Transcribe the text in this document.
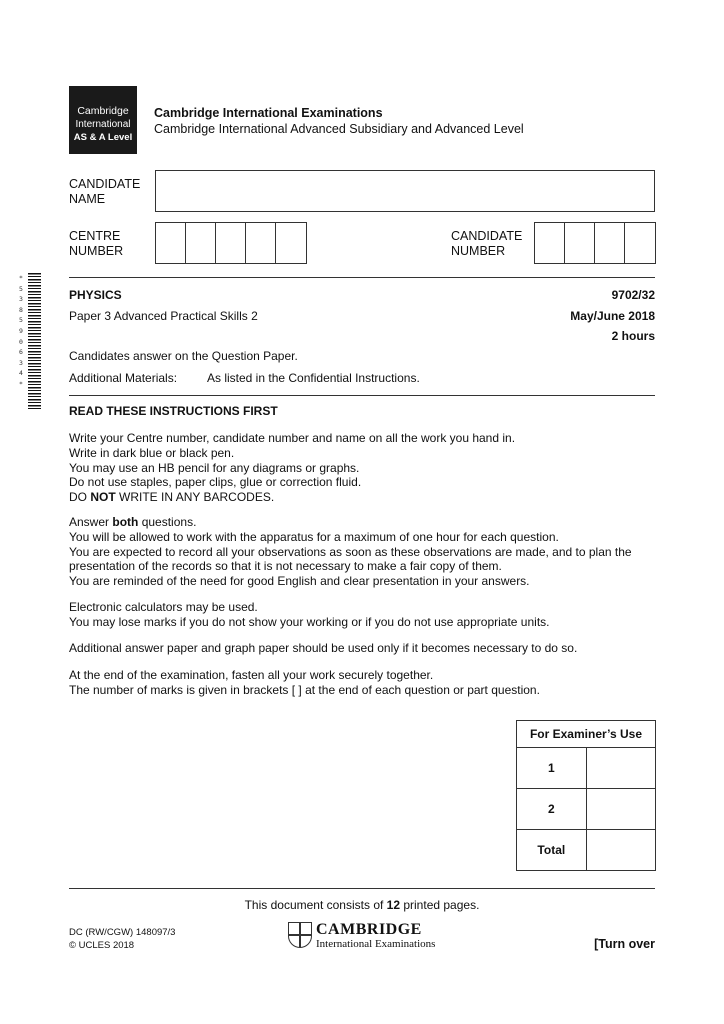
Cambridge
International
AS & A Level
Cambridge International Examinations
Cambridge International Advanced Subsidiary and Advanced Level
CANDIDATE
NAME
CENTRE
NUMBER
CANDIDATE
NUMBER
*
5
3
8
5
9
0
6
3
4
*
PHYSICS	9702/32
Paper 3 Advanced Practical Skills 2	May/June 2018
2 hours
Candidates answer on the Question Paper.
Additional Materials: As listed in the Confidential Instructions.
READ THESE INSTRUCTIONS FIRST
Write your Centre number, candidate number and name on all the work you hand in.
Write in dark blue or black pen.
You may use an HB pencil for any diagrams or graphs.
Do not use staples, paper clips, glue or correction fluid.
DO NOT WRITE IN ANY BARCODES.
Answer both questions.
You will be allowed to work with the apparatus for a maximum of one hour for each question.
You are expected to record all your observations as soon as these observations are made, and to plan the
presentation of the records so that it is not necessary to make a fair copy of them.
You are reminded of the need for good English and clear presentation in your answers.
Electronic calculators may be used.
You may lose marks if you do not show your working or if you do not use appropriate units.
Additional answer paper and graph paper should be used only if it becomes necessary to do so.
At the end of the examination, fasten all your work securely together.
The number of marks is given in brackets [ ] at the end of each question or part question.
For Examiner’s Use	
1	
2	
Total	
This document consists of 12 printed pages.
DC (RW/CGW) 148097/3
© UCLES 2018
CAMBRIDGE
International Examinations	[Turn over
